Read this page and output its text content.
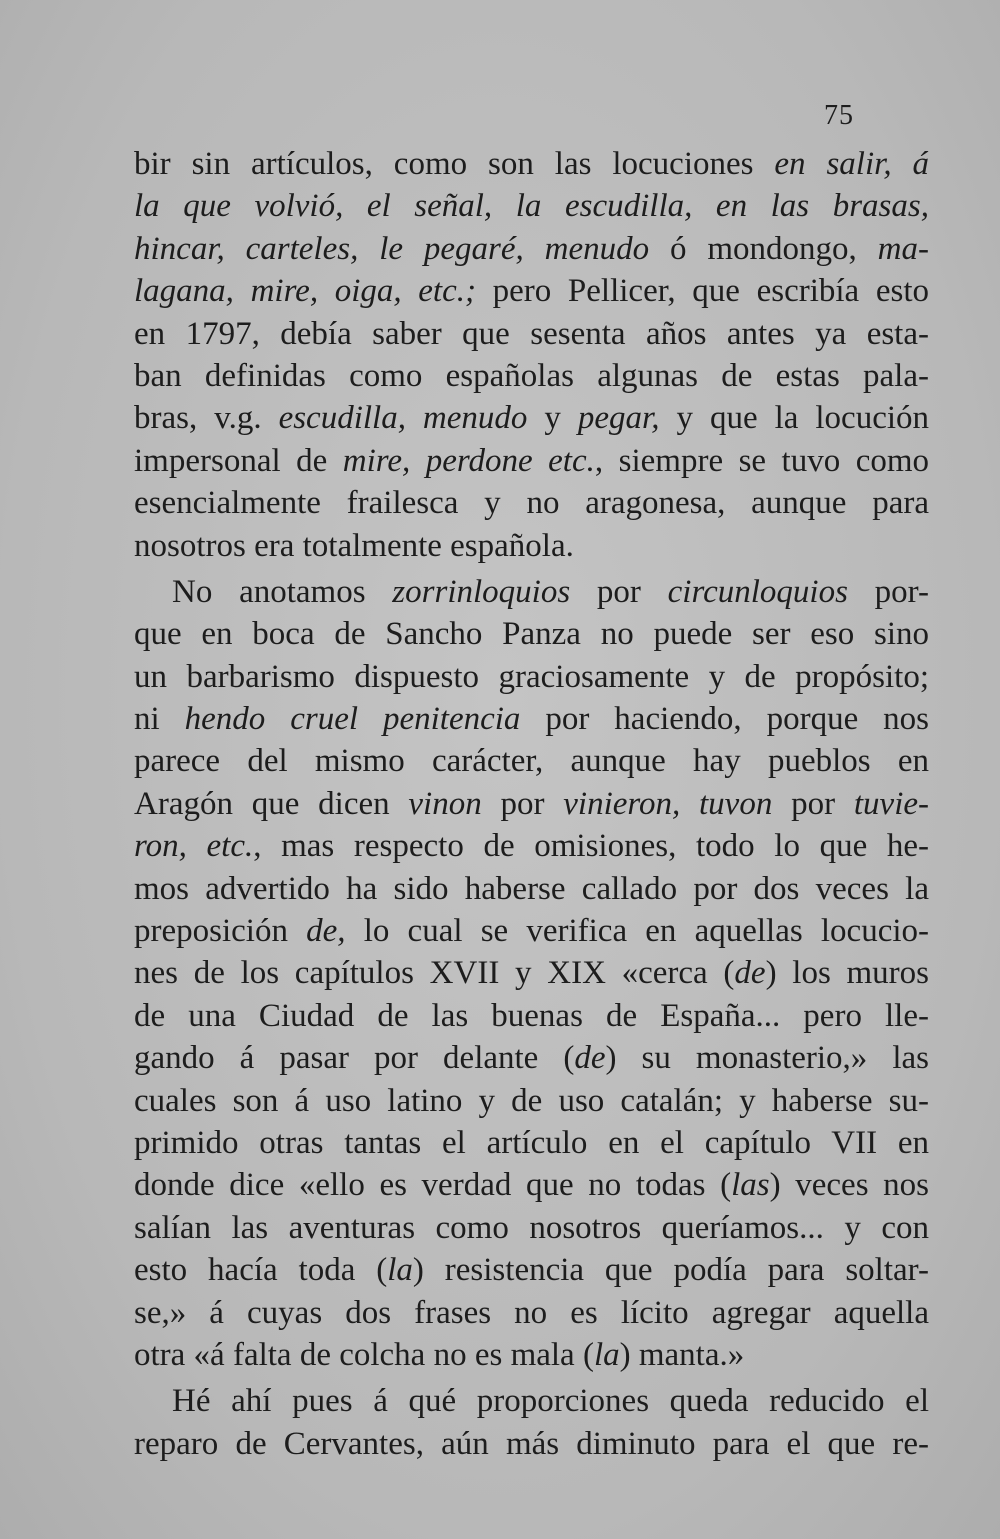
75
bir sin artículos, como son las locuciones en salir, á
la que volvió, el señal, la escudilla, en las brasas,
hincar, carteles, le pegaré, menudo ó mondongo, ma-
lagana, mire, oiga, etc.; pero Pellicer, que escribía esto
en 1797, debía saber que sesenta años antes ya esta-
ban definidas como españolas algunas de estas pala-
bras, v.g. escudilla, menudo y pegar, y que la locución
impersonal de mire, perdone etc., siempre se tuvo como
esencialmente frailesca y no aragonesa, aunque para
nosotros era totalmente española.
No anotamos zorrinloquios por circunloquios por-
que en boca de Sancho Panza no puede ser eso sino
un barbarismo dispuesto graciosamente y de propósito;
ni hendo cruel penitencia por haciendo, porque nos
parece del mismo carácter, aunque hay pueblos en
Aragón que dicen vinon por vinieron, tuvon por tuvie-
ron, etc., mas respecto de omisiones, todo lo que he-
mos advertido ha sido haberse callado por dos veces la
preposición de, lo cual se verifica en aquellas locucio-
nes de los capítulos XVII y XIX «cerca (de) los muros
de una Ciudad de las buenas de España... pero lle-
gando á pasar por delante (de) su monasterio,» las
cuales son á uso latino y de uso catalán; y haberse su-
primido otras tantas el artículo en el capítulo VII en
donde dice «ello es verdad que no todas (las) veces nos
salían las aventuras como nosotros queríamos... y con
esto hacía toda (la) resistencia que podía para soltar-
se,» á cuyas dos frases no es lícito agregar aquella
otra «á falta de colcha no es mala (la) manta.»
Hé ahí pues á qué proporciones queda reducido el
reparo de Cervantes, aún más diminuto para el que re-
